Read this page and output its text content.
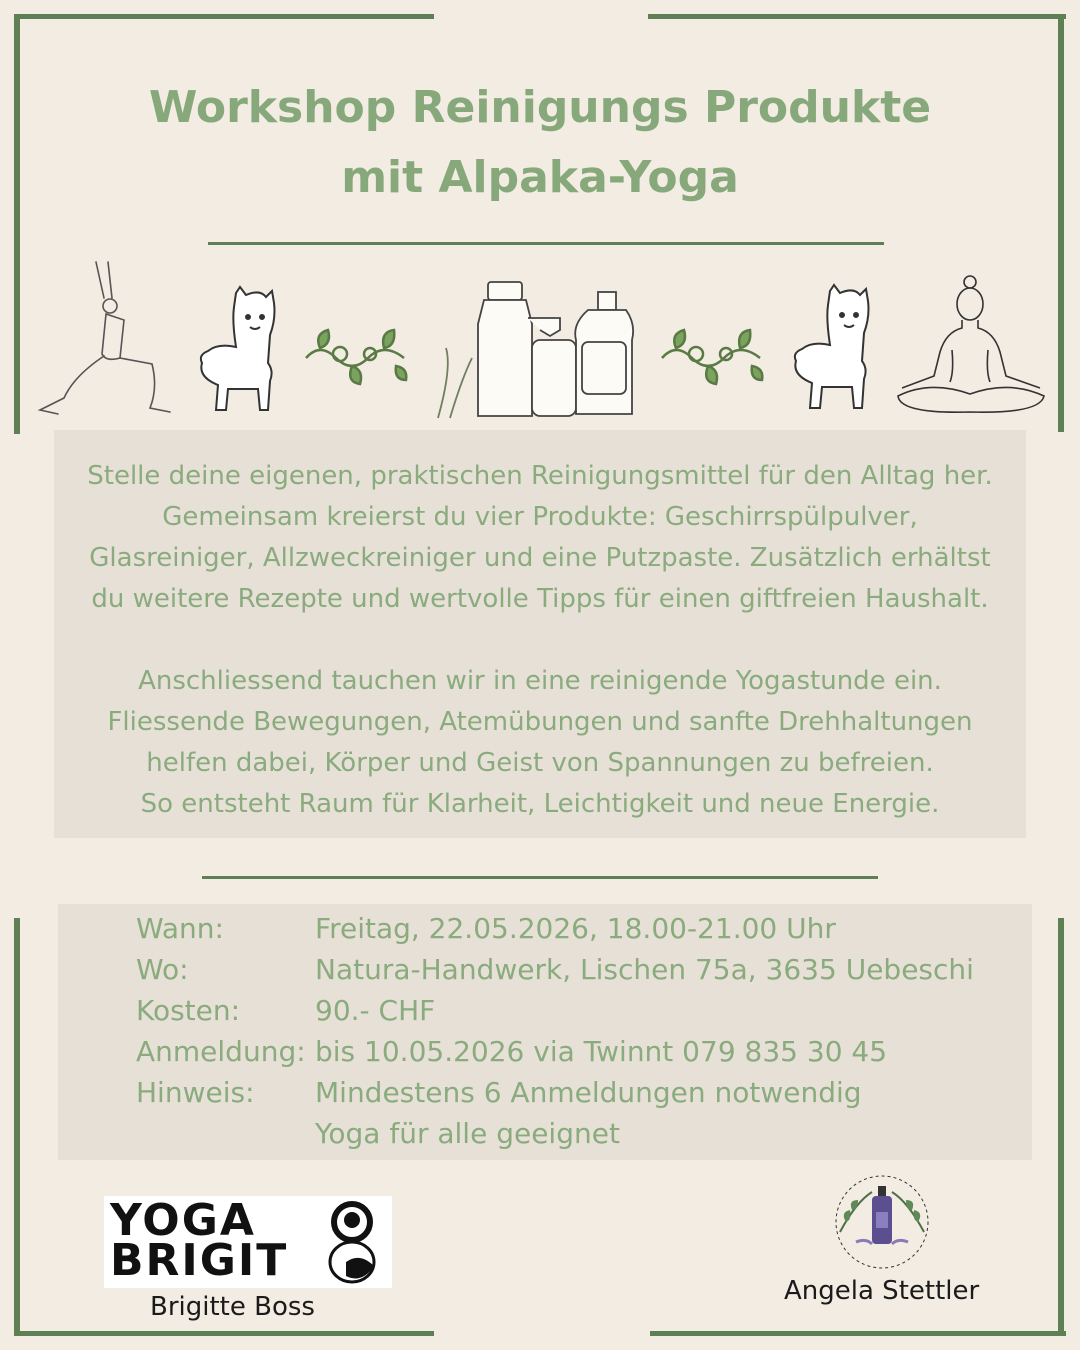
Workshop Reinigungs Produkte
mit Alpaka-Yoga
Stelle deine eigenen, praktischen Reinigungsmittel für den Alltag her.
Gemeinsam kreierst du vier Produkte: Geschirrspülpulver,
Glasreiniger, Allzweckreiniger und eine Putzpaste. Zusätzlich erhältst
du weitere Rezepte und wertvolle Tipps für einen giftfreien Haushalt.
Anschliessend tauchen wir in eine reinigende Yogastunde ein.
Fliessende Bewegungen, Atemübungen und sanfte Drehhaltungen
helfen dabei, Körper und Geist von Spannungen zu befreien.
So entsteht Raum für Klarheit, Leichtigkeit und neue Energie.
Wann:	Freitag, 22.05.2026, 18.00-21.00 Uhr
Wo:	Natura-Handwerk, Lischen 75a, 3635 Uebeschi
Kosten:	90.- CHF
Anmeldung: bis 10.05.2026 via Twinnt 079 835 30 45
Hinweis: Mindestens 6 Anmeldungen notwendig
Yoga für alle geeignet
YOGA
BRIGIT
Brigitte Boss
Angela Stettler
